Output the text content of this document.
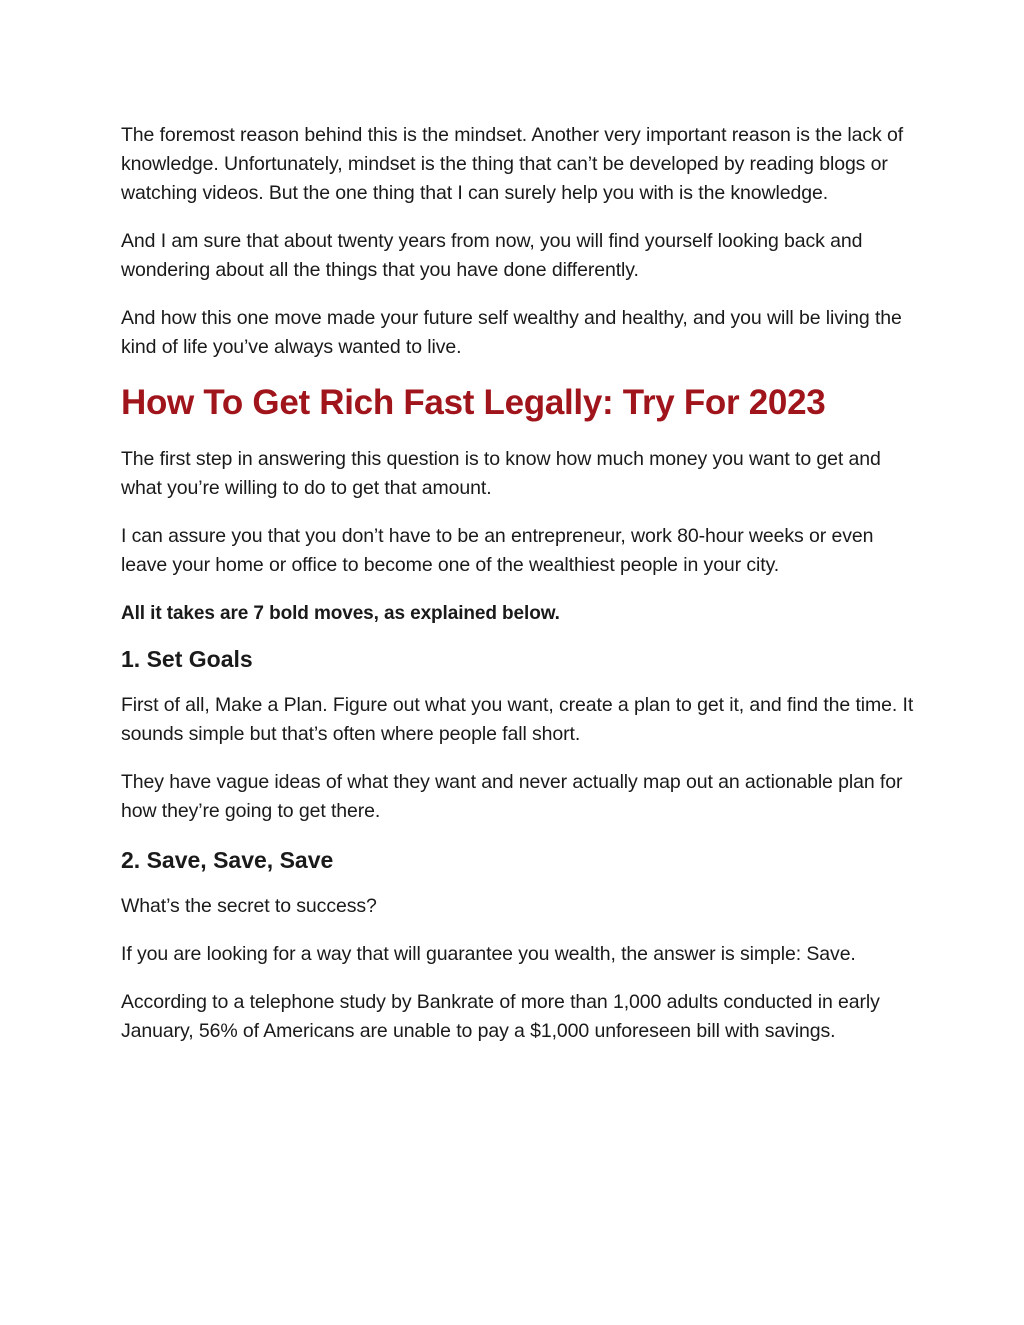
The foremost reason behind this is the mindset. Another very important reason is the lack of knowledge. Unfortunately, mindset is the thing that can’t be developed by reading blogs or watching videos. But the one thing that I can surely help you with is the knowledge.

And I am sure that about twenty years from now, you will find yourself looking back and wondering about all the things that you have done differently.

And how this one move made your future self wealthy and healthy, and you will be living the kind of life you’ve always wanted to live.

How To Get Rich Fast Legally: Try For 2023

The first step in answering this question is to know how much money you want to get and what you’re willing to do to get that amount.

I can assure you that you don’t have to be an entrepreneur, work 80-hour weeks or even leave your home or office to become one of the wealthiest people in your city.

All it takes are 7 bold moves, as explained below.

1. Set Goals

First of all, Make a Plan. Figure out what you want, create a plan to get it, and find the time. It sounds simple but that’s often where people fall short.

They have vague ideas of what they want and never actually map out an actionable plan for how they’re going to get there.

2. Save, Save, Save

What’s the secret to success?

If you are looking for a way that will guarantee you wealth, the answer is simple: Save.

According to a telephone study by Bankrate of more than 1,000 adults conducted in early January, 56% of Americans are unable to pay a $1,000 unforeseen bill with savings.
